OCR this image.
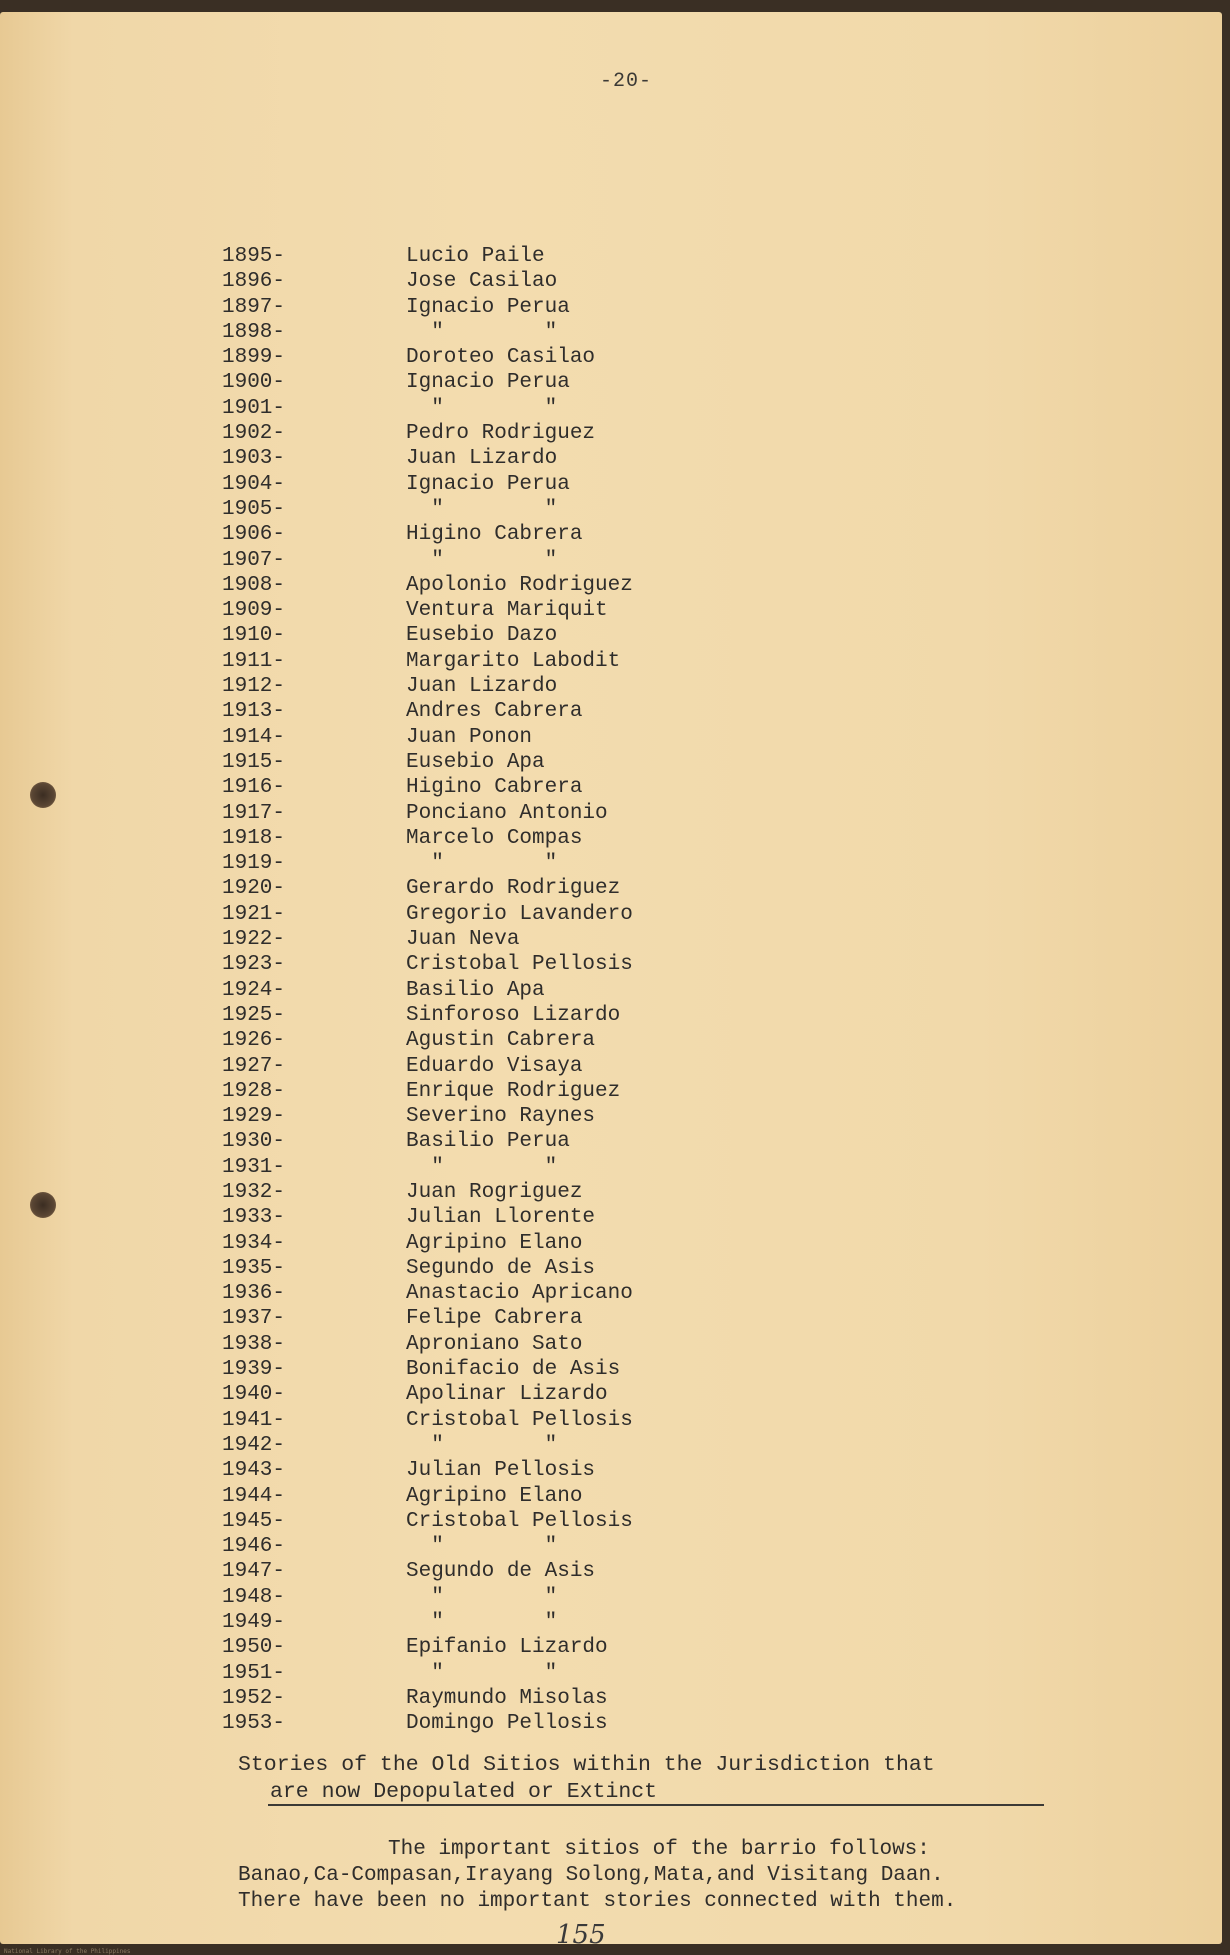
-20-
1895-	Lucio Paile
1896-	Jose Casilao
1897-	Ignacio Perua
1898-	"        "
1899-	Doroteo Casilao
1900-	Ignacio Perua
1901-	"        "
1902-	Pedro Rodriguez
1903-	Juan Lizardo
1904-	Ignacio Perua
1905-	"        "
1906-	Higino Cabrera
1907-	"        "
1908-	Apolonio Rodriguez
1909-	Ventura Mariquit
1910-	Eusebio Dazo
1911-	Margarito Labodit
1912-	Juan Lizardo
1913-	Andres Cabrera
1914-	Juan Ponon
1915-	Eusebio Apa
1916-	Higino Cabrera
1917-	Ponciano Antonio
1918-	Marcelo Compas
1919-	"        "
1920-	Gerardo Rodriguez
1921-	Gregorio Lavandero
1922-	Juan Neva
1923-	Cristobal Pellosis
1924-	Basilio Apa
1925-	Sinforoso Lizardo
1926-	Agustin Cabrera
1927-	Eduardo Visaya
1928-	Enrique Rodriguez
1929-	Severino Raynes
1930-	Basilio Perua
1931-	"        "
1932-	Juan Rogriguez
1933-	Julian Llorente
1934-	Agripino Elano
1935-	Segundo de Asis
1936-	Anastacio Apricano
1937-	Felipe Cabrera
1938-	Aproniano Sato
1939-	Bonifacio de Asis
1940-	Apolinar Lizardo
1941-	Cristobal Pellosis
1942-	"        "
1943-	Julian Pellosis
1944-	Agripino Elano
1945-	Cristobal Pellosis
1946-	"        "
1947-	Segundo de Asis
1948-	"        "
1949-	"        "
1950-	Epifanio Lizardo
1951-	"        "
1952-	Raymundo Misolas
1953-	Domingo Pellosis
Stories of the Old Sitios within the Jurisdiction that
are now Depopulated or Extinct
The important sitios of the barrio follows:
Banao,Ca-Compasan,Irayang Solong,Mata,and Visitang Daan.
There have been no important stories connected with them.
155
National Library of the Philippines
